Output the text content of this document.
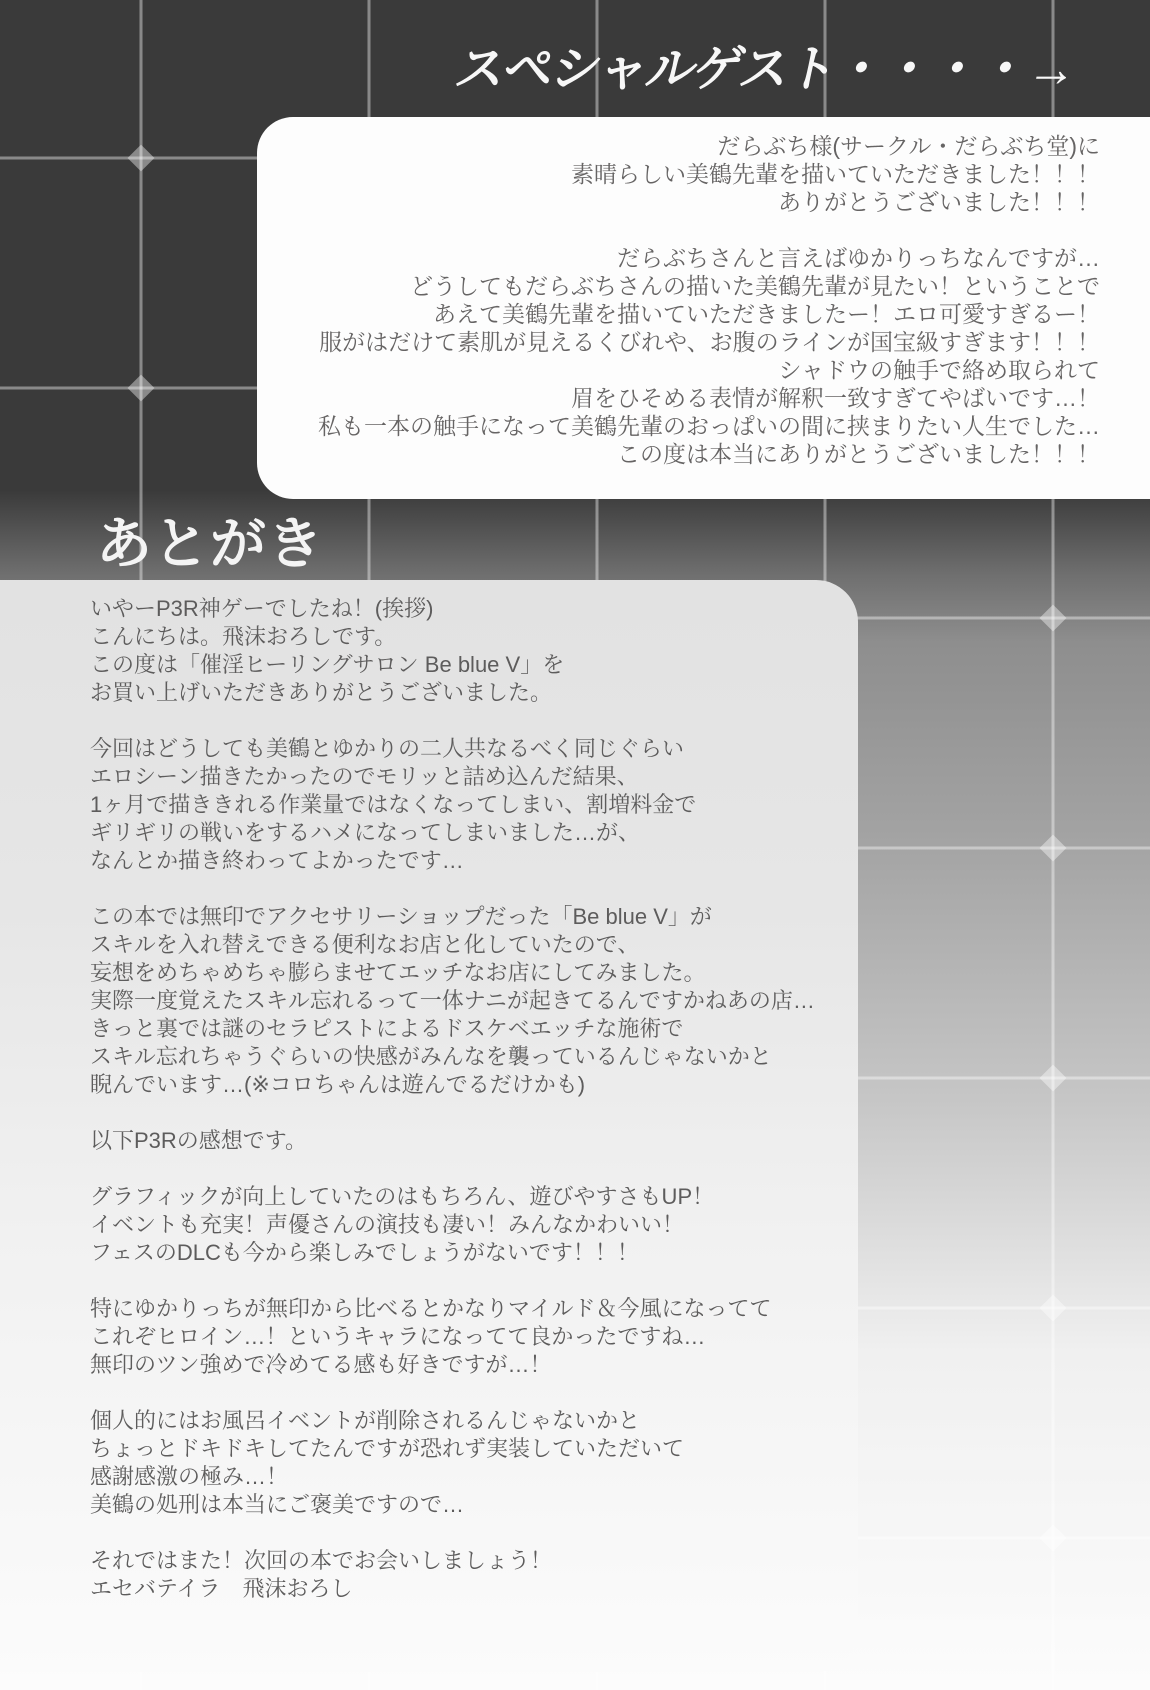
スペシャルゲスト・・・・→
だらぶち様(サークル・だらぶち堂)に
素晴らしい美鶴先輩を描いていただきました！！！
ありがとうございました！！！

だらぶちさんと言えばゆかりっちなんですが…
どうしてもだらぶちさんの描いた美鶴先輩が見たい！ということで
あえて美鶴先輩を描いていただきましたー！エロ可愛すぎるー！
服がはだけて素肌が見えるくびれや、お腹のラインが国宝級すぎます！！！
シャドウの触手で絡め取られて
眉をひそめる表情が解釈一致すぎてやばいです…！
私も一本の触手になって美鶴先輩のおっぱいの間に挟まりたい人生でした…
この度は本当にありがとうございました！！！
あとがき
いやーP3R神ゲーでしたね！(挨拶)
こんにちは。飛沫おろしです。
この度は「催淫ヒーリングサロン Be blue V」を
お買い上げいただきありがとうございました。

今回はどうしても美鶴とゆかりの二人共なるべく同じぐらい
エロシーン描きたかったのでモリッと詰め込んだ結果、
1ヶ月で描ききれる作業量ではなくなってしまい、割増料金で
ギリギリの戦いをするハメになってしまいました…が、
なんとか描き終わってよかったです…

この本では無印でアクセサリーショップだった「Be blue V」が
スキルを入れ替えできる便利なお店と化していたので、
妄想をめちゃめちゃ膨らませてエッチなお店にしてみました。
実際一度覚えたスキル忘れるって一体ナニが起きてるんですかねあの店…
きっと裏では謎のセラピストによるドスケベエッチな施術で
スキル忘れちゃうぐらいの快感がみんなを襲っているんじゃないかと
睨んでいます…(※コロちゃんは遊んでるだけかも)

以下P3Rの感想です。

グラフィックが向上していたのはもちろん、遊びやすさもUP！
イベントも充実！声優さんの演技も凄い！みんなかわいい！
フェスのDLCも今から楽しみでしょうがないです！！！

特にゆかりっちが無印から比べるとかなりマイルド＆今風になってて
これぞヒロイン…！というキャラになってて良かったですね…
無印のツン強めで冷めてる感も好きですが…！

個人的にはお風呂イベントが削除されるんじゃないかと
ちょっとドキドキしてたんですが恐れず実装していただいて
感謝感激の極み…！
美鶴の処刑は本当にご褒美ですので…

それではまた！次回の本でお会いしましょう！
エセバテイラ　飛沫おろし
